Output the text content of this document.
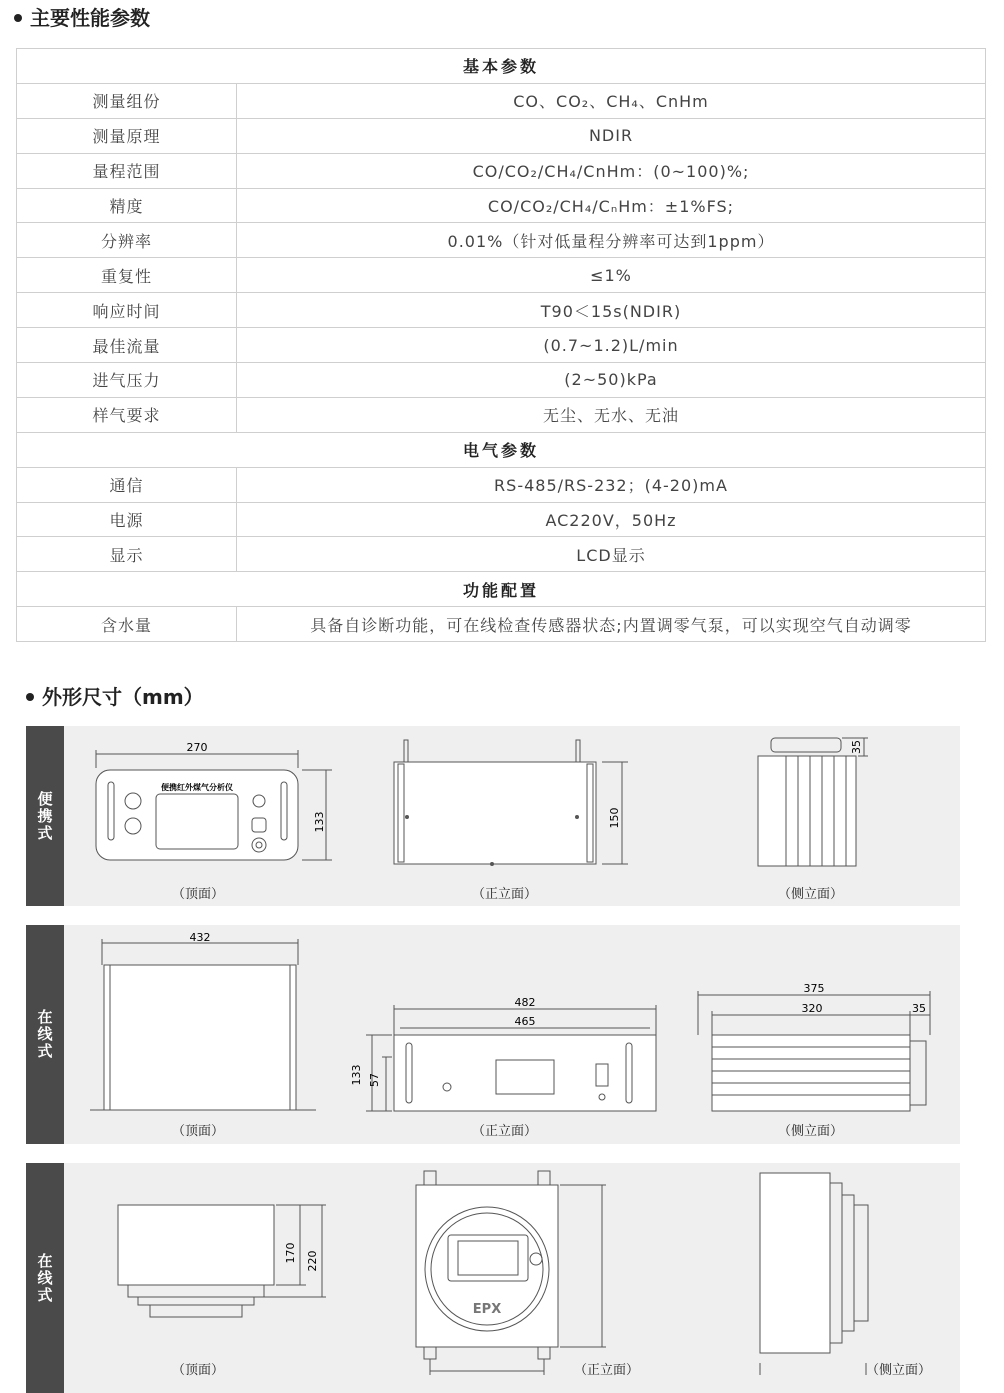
主要性能参数
基本参数	
测量组份	CO、CO₂、CH₄、CnHm
测量原理	NDIR
量程范围	CO/CO₂/CH₄/CnHm：(0~100)%;
精度	CO/CO₂/CH₄/CₙHm：±1%FS;
分辨率	0.01%（针对低量程分辨率可达到1ppm）
重复性	≤1%
响应时间	T90＜15s(NDIR)
最佳流量	(0.7~1.2)L/min
进气压力	(2~50)kPa
样气要求	无尘、无水、无油
电气参数	
通信	RS-485/RS-232；(4-20)mA
电源	AC220V，50Hz
显示	LCD显示
功能配置	
含水量	具备自诊断功能，可在线检查传感器状态;内置调零气泵，可以实现空气自动调零
外形尺寸（mm）
便携式
270
便携红外煤气分析仪
133	150
35
（顶面）	（正立面）	（侧立面）
在线式
432
482
465
133 57
375
320	35
（顶面）	（正立面）	（侧立面）
在线式	170 220
EPX
（顶面）	（正立面）	（侧立面）
